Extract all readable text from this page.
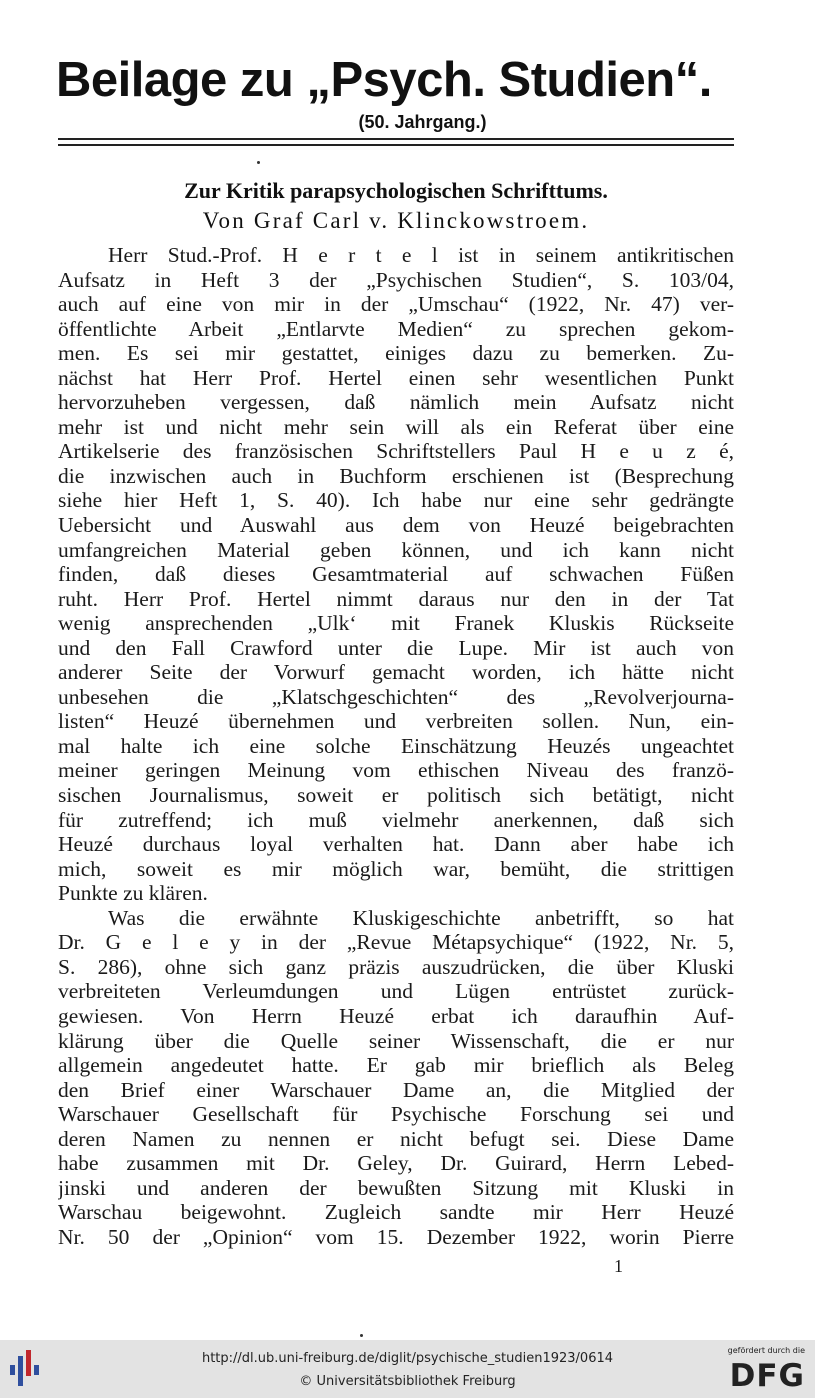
Beilage zu „Psych. Studien“.
(50. Jahrgang.)
Zur Kritik parapsychologischen Schrifttums.
Von Graf Carl v. Klinckowstroem.
Herr Stud.-Prof. H e r t e l ist in seinem antikritischen
Aufsatz in Heft 3 der „Psychischen Studien“, S. 103/04,
auch auf eine von mir in der „Umschau“ (1922, Nr. 47) ver-
öffentlichte Arbeit „Entlarvte Medien“ zu sprechen gekom-
men. Es sei mir gestattet, einiges dazu zu bemerken. Zu-
nächst hat Herr Prof. Hertel einen sehr wesentlichen Punkt
hervorzuheben vergessen, daß nämlich mein Aufsatz nicht
mehr ist und nicht mehr sein will als ein Referat über eine
Artikelserie des französischen Schriftstellers Paul H e u z é,
die inzwischen auch in Buchform erschienen ist (Besprechung
siehe hier Heft 1, S. 40). Ich habe nur eine sehr gedrängte
Uebersicht und Auswahl aus dem von Heuzé beigebrachten
umfangreichen Material geben können, und ich kann nicht
finden, daß dieses Gesamtmaterial auf schwachen Füßen
ruht. Herr Prof. Hertel nimmt daraus nur den in der Tat
wenig ansprechenden „Ulk‘ mit Franek Kluskis Rückseite
und den Fall Crawford unter die Lupe. Mir ist auch von
anderer Seite der Vorwurf gemacht worden, ich hätte nicht
unbesehen die „Klatschgeschichten“ des „Revolverjourna-
listen“ Heuzé übernehmen und verbreiten sollen. Nun, ein-
mal halte ich eine solche Einschätzung Heuzés ungeachtet
meiner geringen Meinung vom ethischen Niveau des franzö-
sischen Journalismus, soweit er politisch sich betätigt, nicht
für zutreffend; ich muß vielmehr anerkennen, daß sich
Heuzé durchaus loyal verhalten hat. Dann aber habe ich
mich, soweit es mir möglich war, bemüht, die strittigen
Punkte zu klären.
Was die erwähnte Kluskigeschichte anbetrifft, so hat
Dr. G e l e y in der „Revue Métapsychique“ (1922, Nr. 5,
S. 286), ohne sich ganz präzis auszudrücken, die über Kluski
verbreiteten Verleumdungen und Lügen entrüstet zurück-
gewiesen. Von Herrn Heuzé erbat ich daraufhin Auf-
klärung über die Quelle seiner Wissenschaft, die er nur
allgemein angedeutet hatte. Er gab mir brieflich als Beleg
den Brief einer Warschauer Dame an, die Mitglied der
Warschauer Gesellschaft für Psychische Forschung sei und
deren Namen zu nennen er nicht befugt sei. Diese Dame
habe zusammen mit Dr. Geley, Dr. Guirard, Herrn Lebed-
jinski und anderen der bewußten Sitzung mit Kluski in
Warschau beigewohnt. Zugleich sandte mir Herr Heuzé
Nr. 50 der „Opinion“ vom 15. Dezember 1922, worin Pierre
1
http://dl.ub.uni-freiburg.de/diglit/psychische_studien1923/0614
© Universitätsbibliothek Freiburg
gefördert durch die
DFG
